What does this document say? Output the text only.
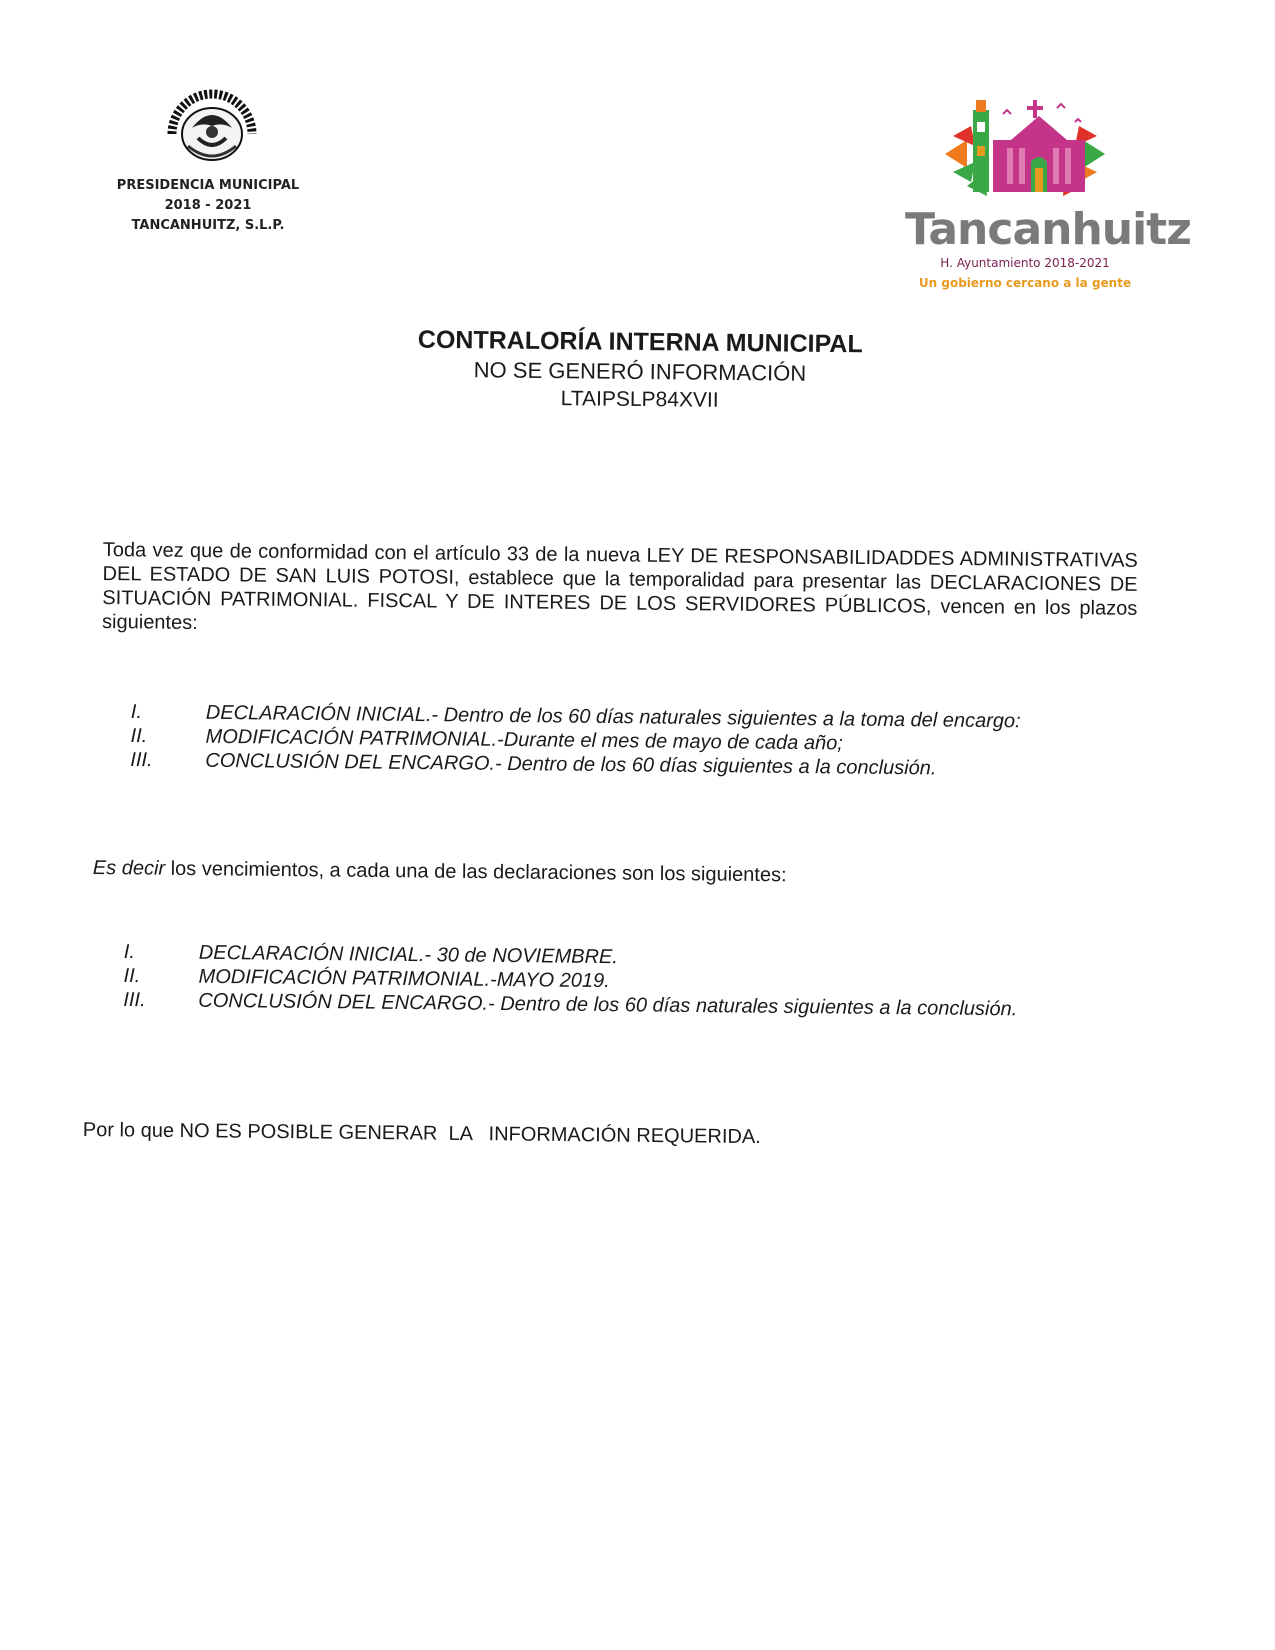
PRESIDENCIA MUNICIPAL
2018 - 2021
TANCANHUITZ, S.L.P.	Tancanhuitz
H. Ayuntamiento 2018-2021
Un gobierno cercano a la gente
CONTRALORÍA INTERNA MUNICIPAL
NO SE GENERÓ INFORMACIÓN
LTAIPSLP84XVII
Toda vez que de conformidad con el artículo 33 de la nueva LEY DE RESPONSABILIDADDES ADMINISTRATIVAS DEL ESTADO DE SAN LUIS POTOSI, establece que la temporalidad para presentar las DECLARACIONES DE SITUACIÓN PATRIMONIAL. FISCAL Y DE INTERES DE LOS SERVIDORES PÚBLICOS, vencen en los plazos siguientes:
I.	DECLARACIÓN INICIAL.- Dentro de los 60 días naturales siguientes a la toma del encargo:
II.	MODIFICACIÓN PATRIMONIAL.-Durante el mes de mayo de cada año;
III.	CONCLUSIÓN DEL ENCARGO.- Dentro de los 60 días siguientes a la conclusión.
Es decir los vencimientos, a cada una de las declaraciones son los siguientes:
I.	DECLARACIÓN INICIAL.- 30 de NOVIEMBRE.
II.	MODIFICACIÓN PATRIMONIAL.-MAYO 2019.
III.	CONCLUSIÓN DEL ENCARGO.- Dentro de los 60 días naturales siguientes a la conclusión.
Por lo que NO ES POSIBLE GENERAR  LA   INFORMACIÓN REQUERIDA.
